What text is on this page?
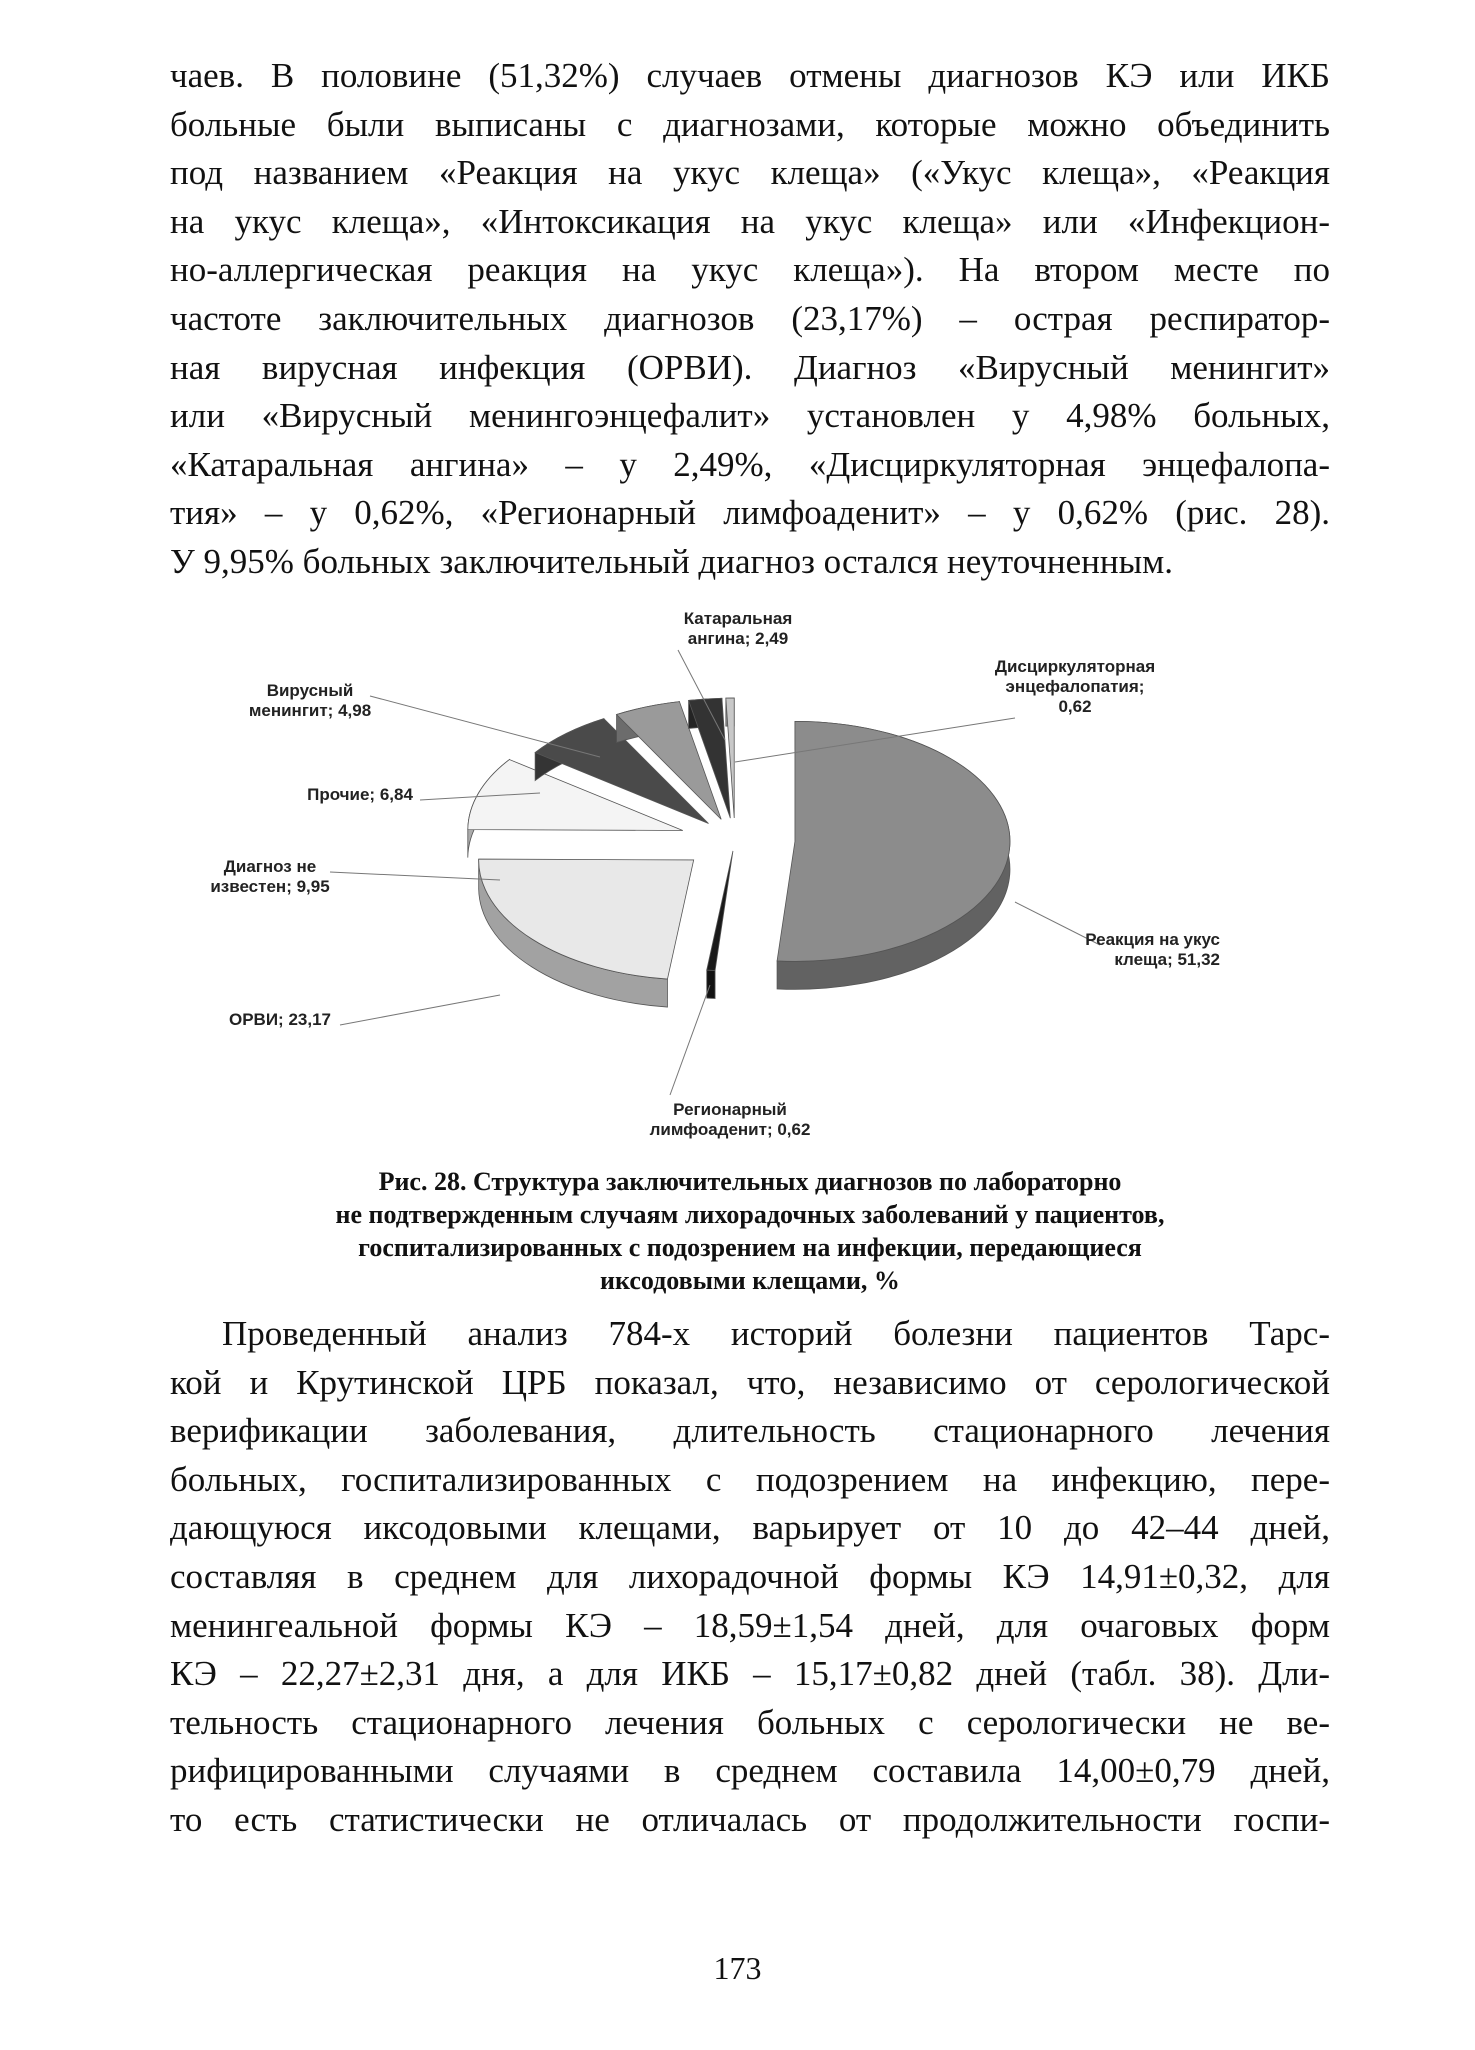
чаев. В половине (51,32%) случаев отмены диагнозов КЭ или ИКБ
больные были выписаны с диагнозами, которые можно объединить
под названием «Реакция на укус клеща» («Укус клеща», «Реакция
на укус клеща», «Интоксикация на укус клеща» или «Инфекцион-
но-аллергическая реакция на укус клеща»). На втором месте по
частоте заключительных диагнозов (23,17%) – острая респиратор-
ная вирусная инфекция (ОРВИ). Диагноз «Вирусный менингит»
или «Вирусный менингоэнцефалит» установлен у 4,98% больных,
«Катаральная ангина» – у 2,49%, «Дисциркуляторная энцефалопа-
тия» – у 0,62%, «Регионарный лимфоаденит» – у 0,62% (рис. 28).
У 9,95% больных заключительный диагноз остался неуточненным.
Реакция на укус клеща; 51,32
Регионарный лимфоаденит; 0,62
ОРВИ; 23,17
Диагноз не известен; 9,95
Прочие; 6,84
Вирусный менингит; 4,98
Катаральная ангина; 2,49
Дисциркуляторная энцефалопатия; 0,62
Рис. 28. Структура заключительных диагнозов по лабораторно
не подтвержденным случаям лихорадочных заболеваний у пациентов,
госпитализированных с подозрением на инфекции, передающиеся
иксодовыми клещами, %
Проведенный анализ 784-х историй болезни пациентов Тарс-
кой и Крутинской ЦРБ показал, что, независимо от серологической
верификации заболевания, длительность стационарного лечения
больных, госпитализированных с подозрением на инфекцию, пере-
дающуюся иксодовыми клещами, варьирует от 10 до 42–44 дней,
составляя в среднем для лихорадочной формы КЭ 14,91±0,32, для
менингеальной формы КЭ – 18,59±1,54 дней, для очаговых форм
КЭ – 22,27±2,31 дня, а для ИКБ – 15,17±0,82 дней (табл. 38). Дли-
тельность стационарного лечения больных с серологически не ве-
рифицированными случаями в среднем составила 14,00±0,79 дней,
то есть статистически не отличалась от продолжительности госпи-
173
